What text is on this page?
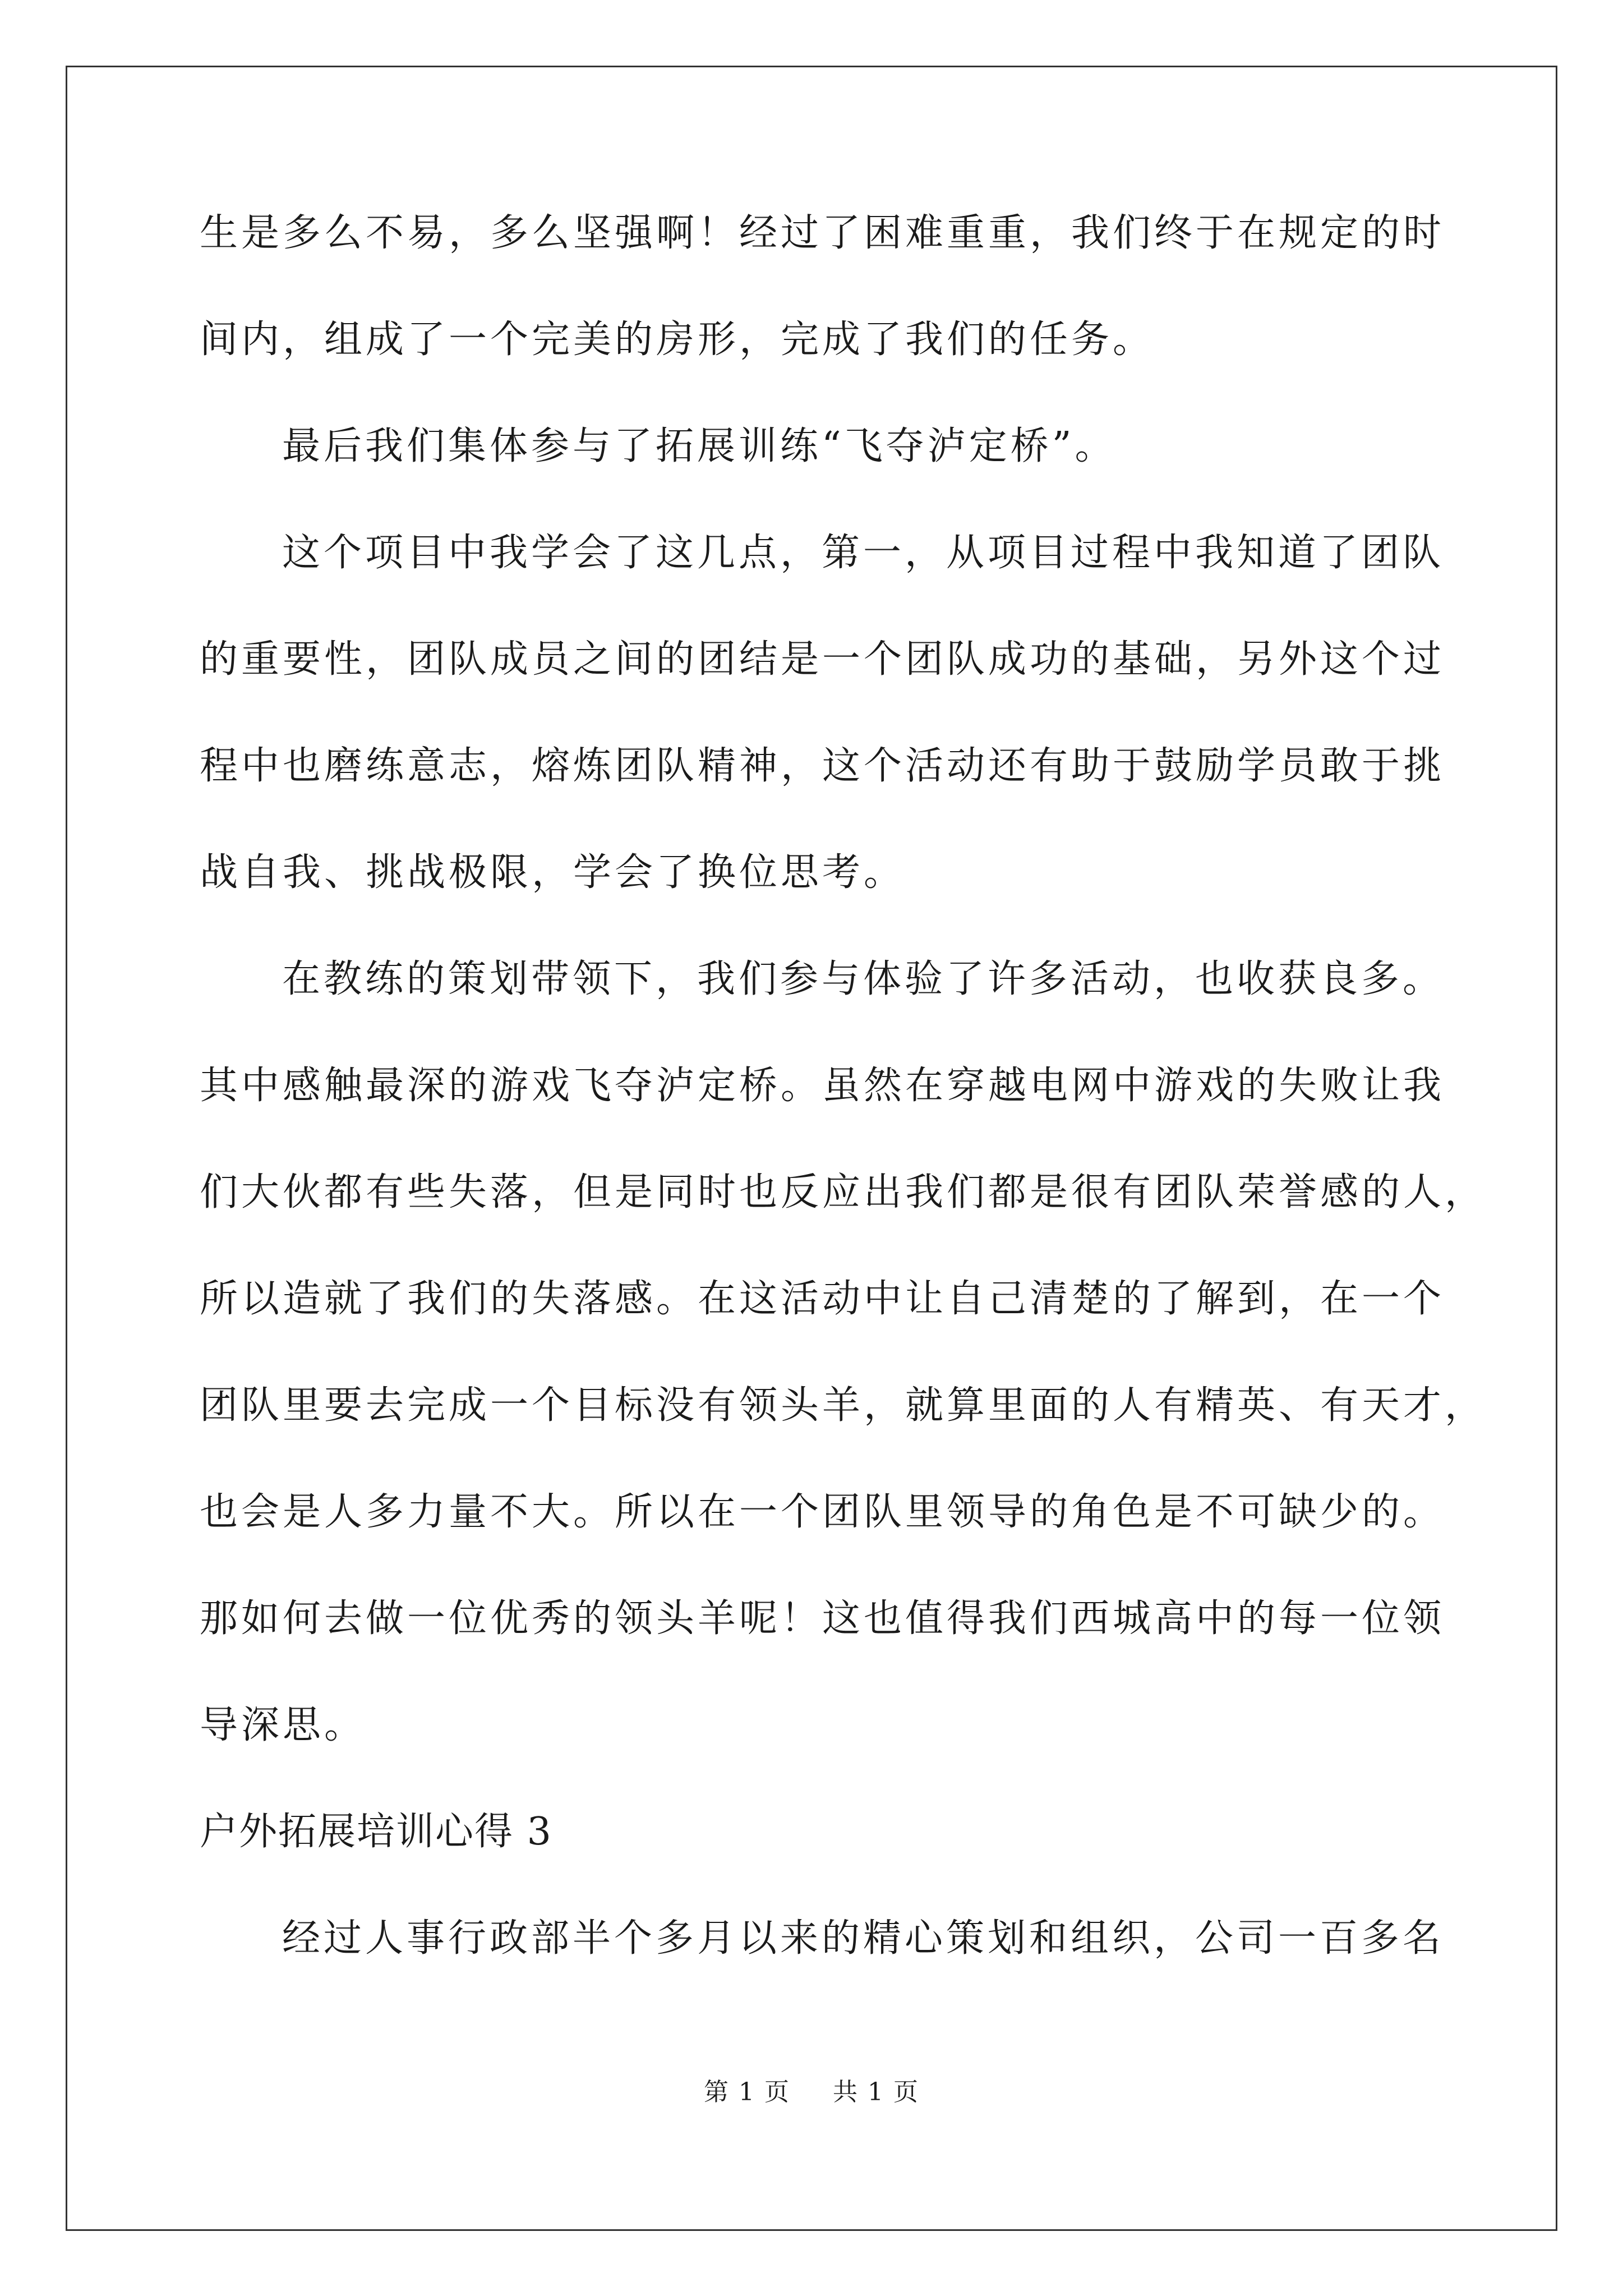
生是多么不易，多么坚强啊！经过了困难重重，我们终于在规定的时
间内，组成了一个完美的房形，完成了我们的任务。
最后我们集体参与了拓展训练“飞夺泸定桥”。
这个项目中我学会了这几点，第一，从项目过程中我知道了团队
的重要性，团队成员之间的团结是一个团队成功的基础，另外这个过
程中也磨练意志，熔炼团队精神，这个活动还有助于鼓励学员敢于挑
战自我、挑战极限，学会了换位思考。
在教练的策划带领下，我们参与体验了许多活动，也收获良多。
其中感触最深的游戏飞夺泸定桥。虽然在穿越电网中游戏的失败让我
们大伙都有些失落，但是同时也反应出我们都是很有团队荣誉感的人，
所以造就了我们的失落感。在这活动中让自己清楚的了解到，在一个
团队里要去完成一个目标没有领头羊，就算里面的人有精英、有天才，
也会是人多力量不大。所以在一个团队里领导的角色是不可缺少的。
那如何去做一位优秀的领头羊呢！这也值得我们西城高中的每一位领
导深思。
户外拓展培训心得 3
经过人事行政部半个多月以来的精心策划和组织，公司一百多名
第 1 页 共 1 页
